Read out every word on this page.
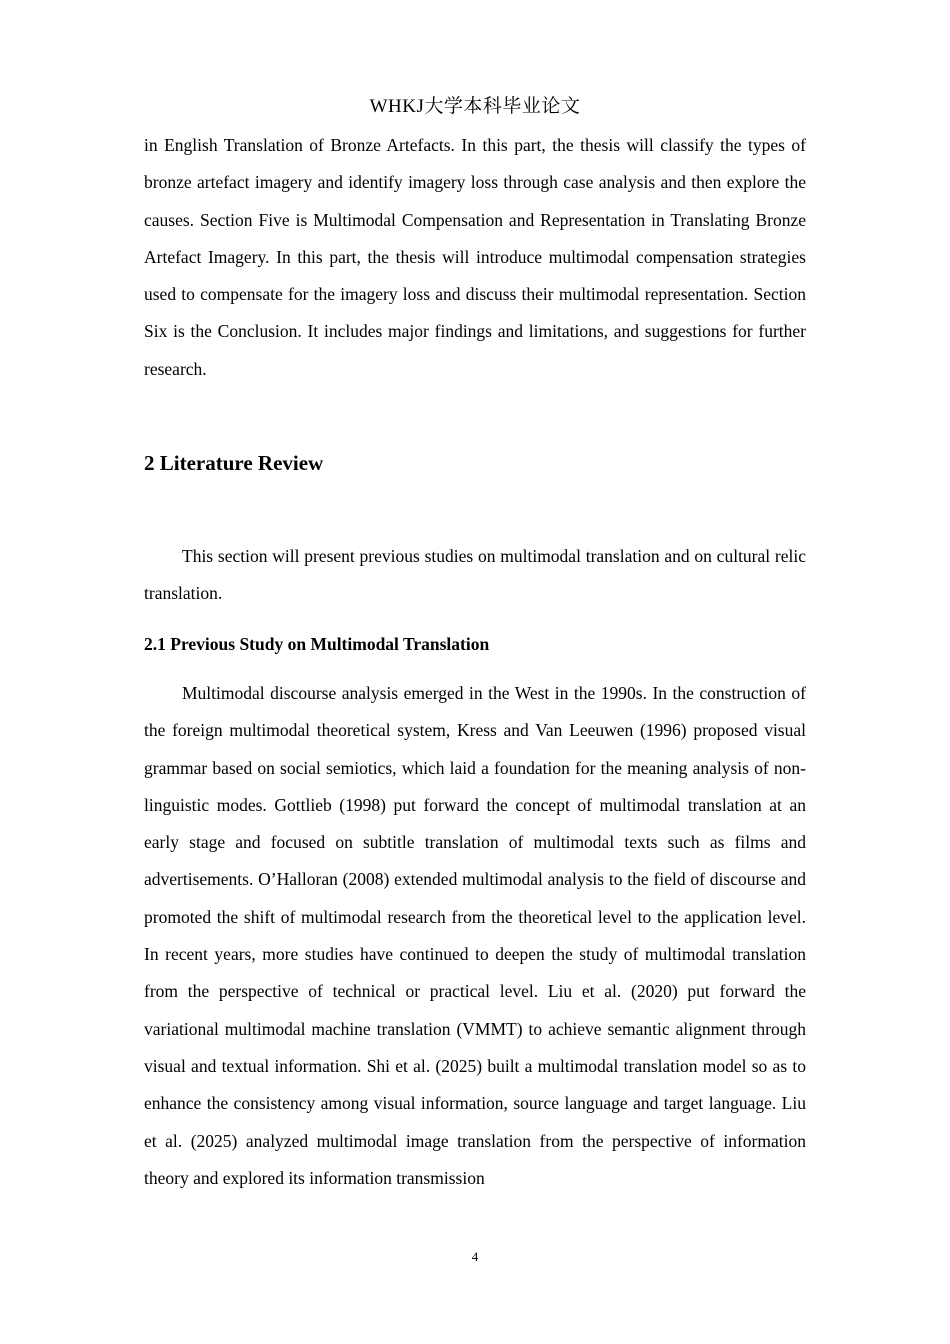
WHKJ大学本科毕业论文
in English Translation of Bronze Artefacts. In this part, the thesis will classify the types of bronze artefact imagery and identify imagery loss through case analysis and then explore the causes. Section Five is Multimodal Compensation and Representation in Translating Bronze Artefact Imagery. In this part, the thesis will introduce multimodal compensation strategies used to compensate for the imagery loss and discuss their multimodal representation. Section Six is the Conclusion. It includes major findings and limitations, and suggestions for further research.
2 Literature Review
This section will present previous studies on multimodal translation and on cultural relic translation.
2.1 Previous Study on Multimodal Translation
Multimodal discourse analysis emerged in the West in the 1990s. In the construction of the foreign multimodal theoretical system, Kress and Van Leeuwen (1996) proposed visual grammar based on social semiotics, which laid a foundation for the meaning analysis of non-linguistic modes. Gottlieb (1998) put forward the concept of multimodal translation at an early stage and focused on subtitle translation of multimodal texts such as films and advertisements. O’Halloran (2008) extended multimodal analysis to the field of discourse and promoted the shift of multimodal research from the theoretical level to the application level. In recent years, more studies have continued to deepen the study of multimodal translation from the perspective of technical or practical level. Liu et al. (2020) put forward the variational multimodal machine translation (VMMT) to achieve semantic alignment through visual and textual information. Shi et al. (2025) built a multimodal translation model so as to enhance the consistency among visual information, source language and target language. Liu et al. (2025) analyzed multimodal image translation from the perspective of information theory and explored its information transmission
4
